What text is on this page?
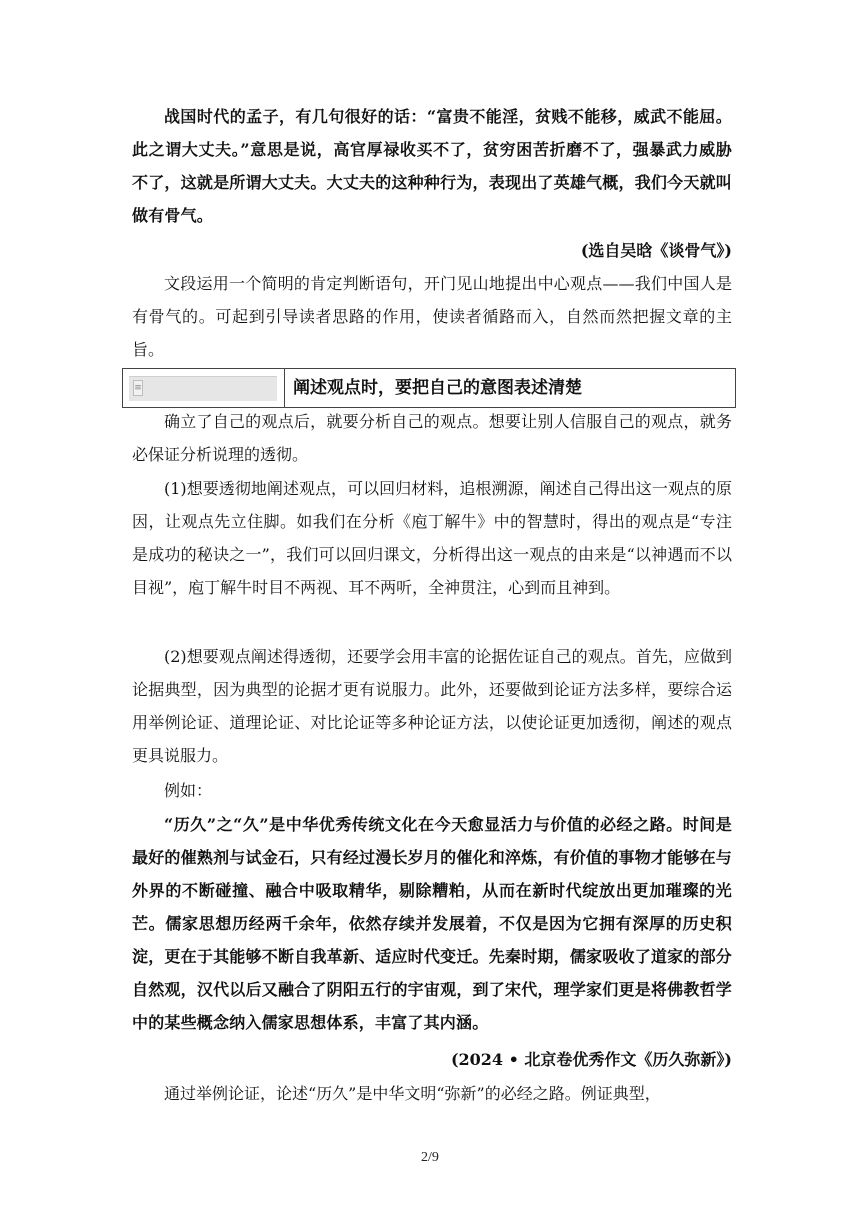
战国时代的孟子，有几句很好的话：“富贵不能淫，贫贱不能移，威武不能屈。此之谓大丈夫。”意思是说，高官厚禄收买不了，贫穷困苦折磨不了，强暴武力威胁不了，这就是所谓大丈夫。大丈夫的这种种行为，表现出了英雄气概，我们今天就叫做有骨气。

(选自吴晗《谈骨气》)

文段运用一个简明的肯定判断语句，开门见山地提出中心观点——我们中国人是有骨气的。可起到引导读者思路的作用，使读者循路而入，自然而然把握文章的主旨。

≡	阐述观点时，要把自己的意图表述清楚

确立了自己的观点后，就要分析自己的观点。想要让别人信服自己的观点，就务必保证分析说理的透彻。

(1)想要透彻地阐述观点，可以回归材料，追根溯源，阐述自己得出这一观点的原因，让观点先立住脚。如我们在分析《庖丁解牛》中的智慧时，得出的观点是“专注是成功的秘诀之一”，我们可以回归课文，分析得出这一观点的由来是“以神遇而不以目视”，庖丁解牛时目不两视、耳不两听，全神贯注，心到而且神到。

(2)想要观点阐述得透彻，还要学会用丰富的论据佐证自己的观点。首先，应做到论据典型，因为典型的论据才更有说服力。此外，还要做到论证方法多样，要综合运用举例论证、道理论证、对比论证等多种论证方法，以使论证更加透彻，阐述的观点更具说服力。

例如：

“历久”之“久”是中华优秀传统文化在今天愈显活力与价值的必经之路。时间是最好的催熟剂与试金石，只有经过漫长岁月的催化和淬炼，有价值的事物才能够在与外界的不断碰撞、融合中吸取精华，剔除糟粕，从而在新时代绽放出更加璀璨的光芒。儒家思想历经两千余年，依然存续并发展着，不仅是因为它拥有深厚的历史积淀，更在于其能够不断自我革新、适应时代变迁。先秦时期，儒家吸收了道家的部分自然观，汉代以后又融合了阴阳五行的宇宙观，到了宋代，理学家们更是将佛教哲学中的某些概念纳入儒家思想体系，丰富了其内涵。

(2024 • 北京卷优秀作文《历久弥新》)

通过举例论证，论述“历久”是中华文明“弥新”的必经之路。例证典型，

2/9
